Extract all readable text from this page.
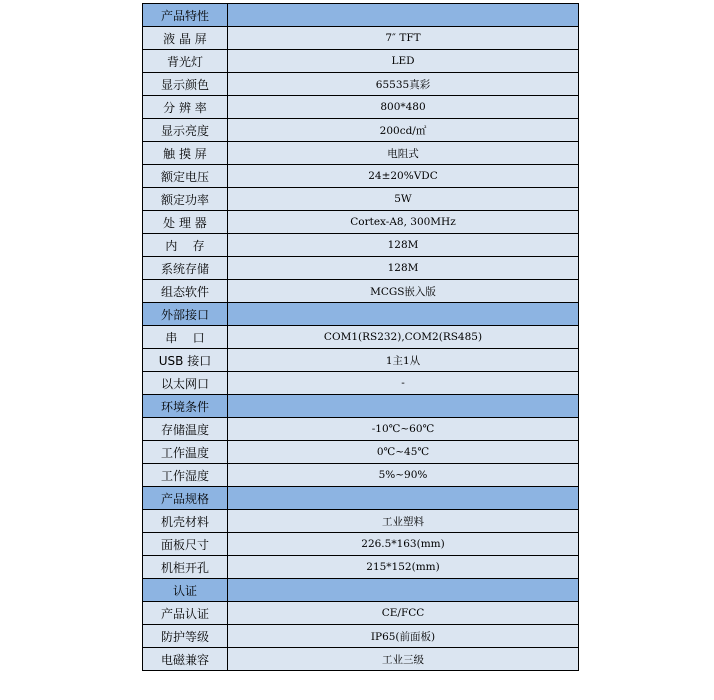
产品特性	
液 晶 屏	7″ TFT
背光灯	LED
显示颜色	65535真彩
分 辨 率	800*480
显示亮度	200cd/㎡
触 摸 屏	电阻式
额定电压	24±20%VDC
额定功率	5W
处 理 器	Cortex-A8, 300MHz
内    存	128M
系统存储	128M
组态软件	MCGS嵌入版
外部接口	
串    口	COM1(RS232),COM2(RS485)
USB 接口	1主1从
以太网口	-
环境条件	
存储温度	-10℃~60℃
工作温度	0℃~45℃
工作湿度	5%~90%
产品规格	
机壳材料	工业塑料
面板尺寸	226.5*163(mm)
机柜开孔	215*152(mm)
认证	
产品认证	CE/FCC
防护等级	IP65(前面板)
电磁兼容	工业三级
